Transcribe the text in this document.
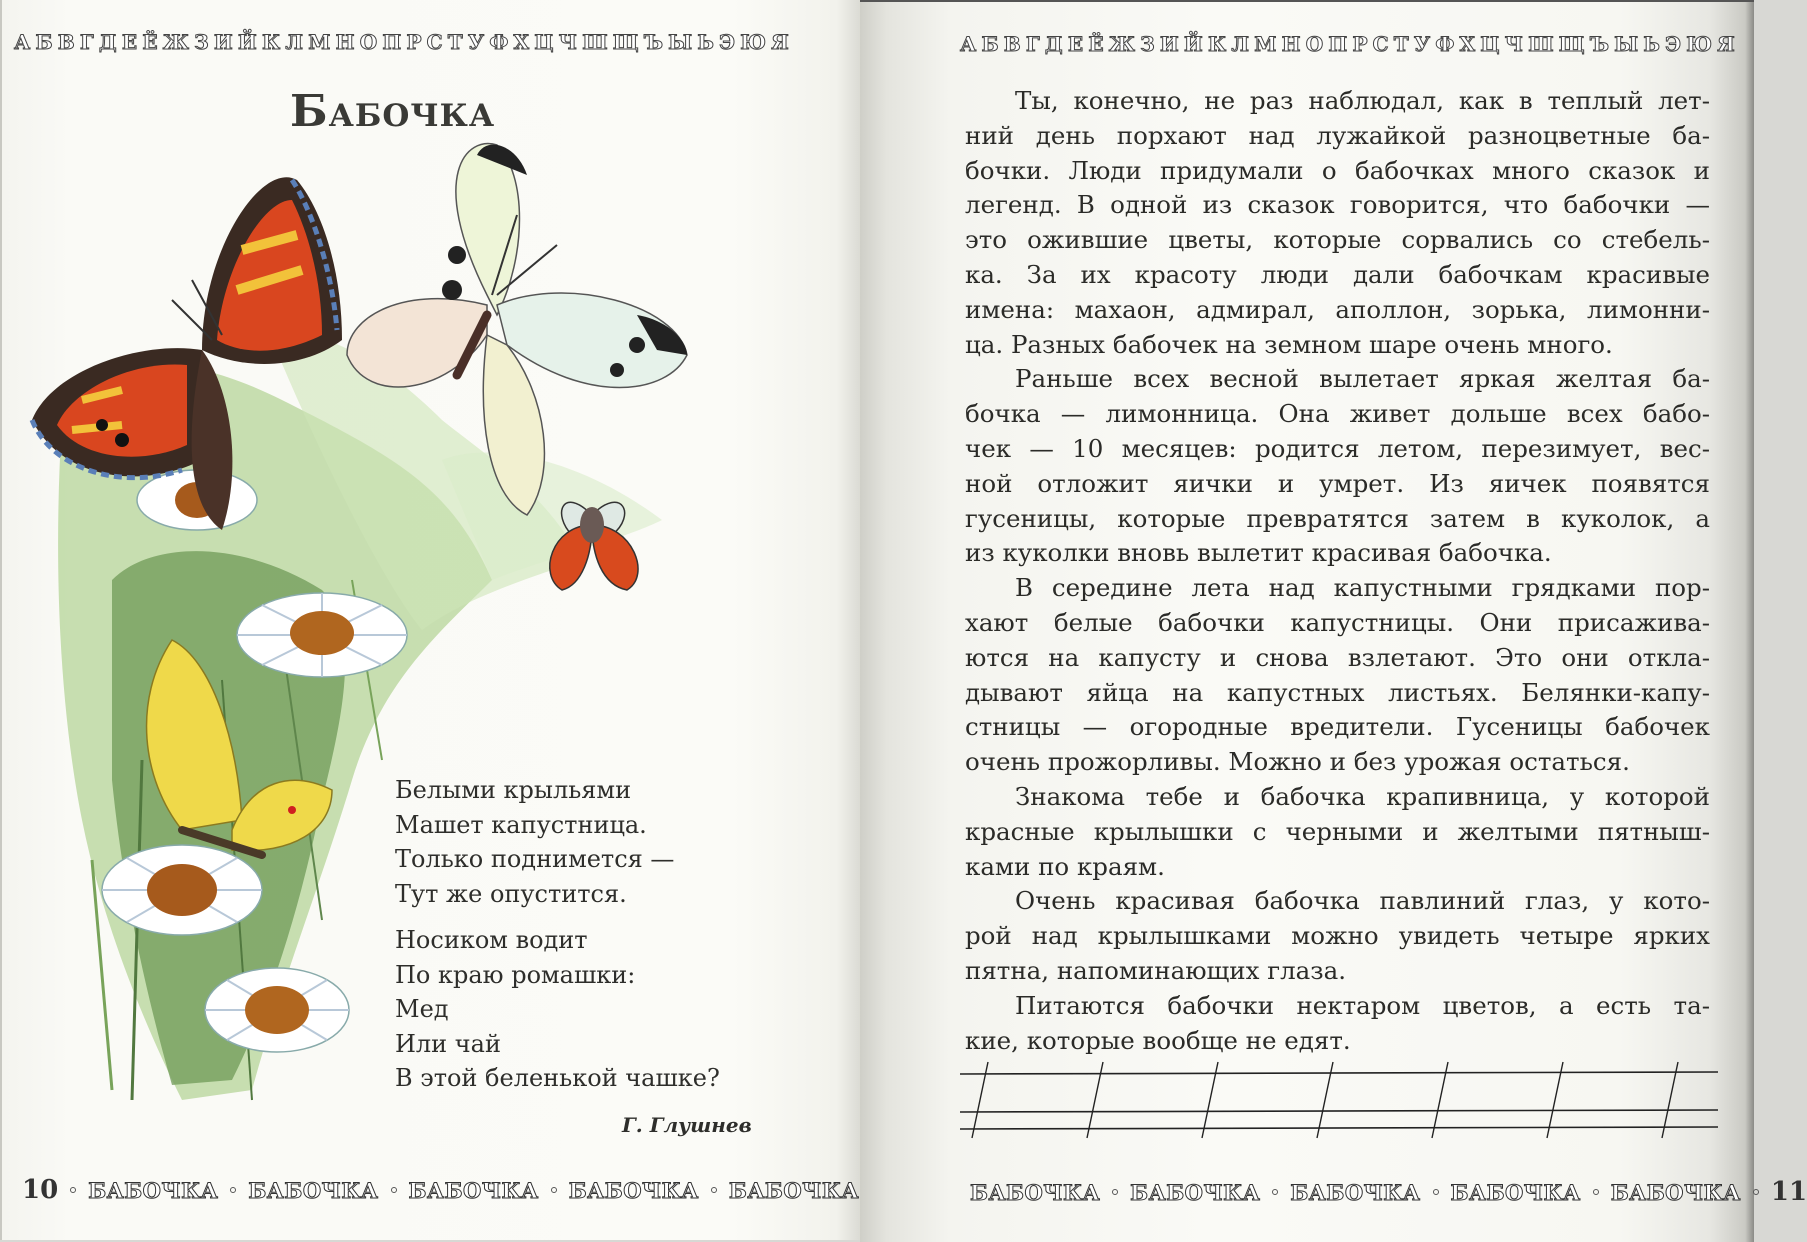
АБВГДЕЁЖЗИЙКЛМНОПРСТУФХЦЧШЩЪЫЬЭЮЯ
Бабочка
Белыми крыльями
Машет капустница.
Только поднимется —
Тут же опустится.
Носиком водит
По краю ромашки:
Мед
Или чай
В этой беленькой чашке?
Г. Глушнев
10 БАБОЧКА БАБОЧКА БАБОЧКА БАБОЧКА БАБОЧКА
АБВГДЕЁЖЗИЙКЛМНОПРСТУФХЦЧШЩЪЫЬЭЮЯ
Ты, конечно, не раз наблюдал, как в теплый лет-
ний день порхают над лужайкой разноцветные ба-
бочки. Люди придумали о бабочках много сказок и
легенд. В одной из сказок говорится, что бабочки —
это ожившие цветы, которые сорвались со стебель-
ка. За их красоту люди дали бабочкам красивые
имена: махаон, адмирал, аполлон, зорька, лимонни-
ца. Разных бабочек на земном шаре очень много.
Раньше всех весной вылетает яркая желтая ба-
бочка — лимонница. Она живет дольше всех бабо-
чек — 10 месяцев: родится летом, перезимует, вес-
ной отложит яички и умрет. Из яичек появятся
гусеницы, которые превратятся затем в куколок, а
из куколки вновь вылетит красивая бабочка.
В середине лета над капустными грядками пор-
хают белые бабочки капустницы. Они присажива-
ются на капусту и снова взлетают. Это они откла-
дывают яйца на капустных листьях. Белянки-капу-
стницы — огородные вредители. Гусеницы бабочек
очень прожорливы. Можно и без урожая остаться.
Знакома тебе и бабочка крапивница, у которой
красные крылышки с черными и желтыми пятныш-
ками по краям.
Очень красивая бабочка павлиний глаз, у кото-
рой над крылышками можно увидеть четыре ярких
пятна, напоминающих глаза.
Питаются бабочки нектаром цветов, а есть та-
кие, которые вообще не едят.
БАБОЧКА БАБОЧКА БАБОЧКА БАБОЧКА БАБОЧКА 11
